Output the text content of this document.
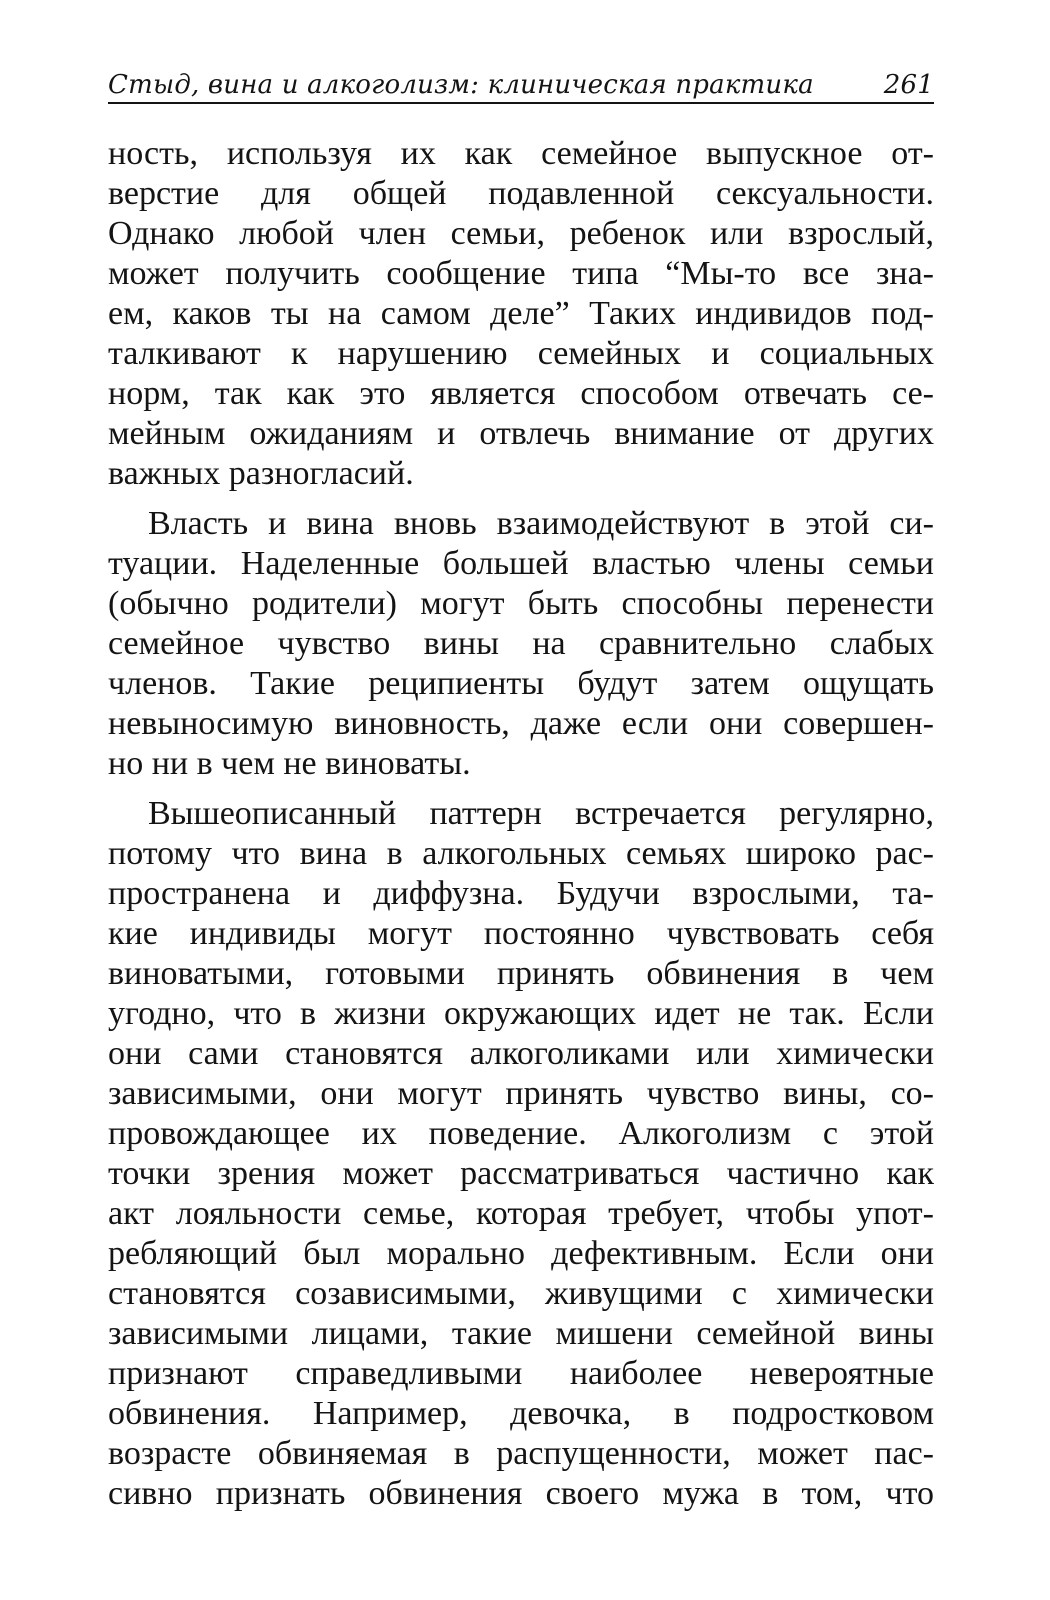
Стыд, вина и алкоголизм: клиническая практика	261
ность, используя их как семейное выпускное от-
верстие для общей подавленной сексуальности.
Однако любой член семьи, ребенок или взрослый,
может получить сообщение типа “Мы-то все зна-
ем, каков ты на самом деле” Таких индивидов под-
талкивают к нарушению семейных и социальных
норм, так как это является способом отвечать се-
мейным ожиданиям и отвлечь внимание от других
важных разногласий.
Власть и вина вновь взаимодействуют в этой си-
туации. Наделенные большей властью члены семьи
(обычно родители) могут быть способны перенести
семейное чувство вины на сравнительно слабых
членов. Такие реципиенты будут затем ощущать
невыносимую виновность, даже если они совершен-
но ни в чем не виноваты.
Вышеописанный паттерн встречается регулярно,
потому что вина в алкогольных семьях широко рас-
пространена и диффузна. Будучи взрослыми, та-
кие индивиды могут постоянно чувствовать себя
виноватыми, готовыми принять обвинения в чем
угодно, что в жизни окружающих идет не так. Если
они сами становятся алкоголиками или химически
зависимыми, они могут принять чувство вины, со-
провождающее их поведение. Алкоголизм с этой
точки зрения может рассматриваться частично как
акт лояльности семье, которая требует, чтобы упот-
ребляющий был морально дефективным. Если они
становятся созависимыми, живущими с химически
зависимыми лицами, такие мишени семейной вины
признают справедливыми наиболее невероятные
обвинения. Например, девочка, в подростковом
возрасте обвиняемая в распущенности, может пас-
сивно признать обвинения своего мужа в том, что
